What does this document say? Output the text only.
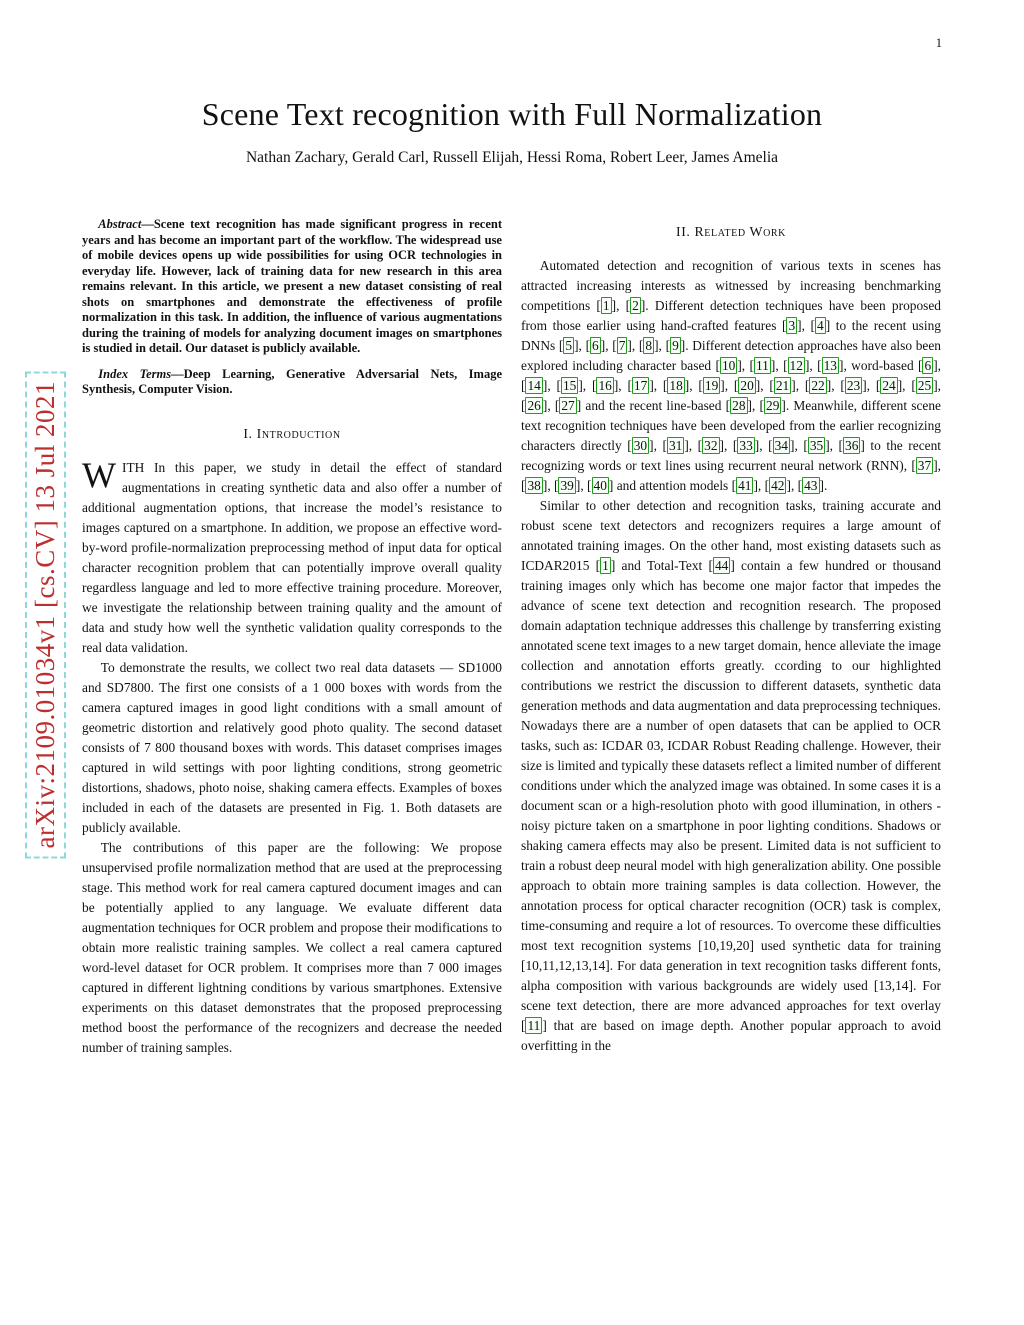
1
arXiv:2109.01034v1 [cs.CV] 13 Jul 2021
Scene Text recognition with Full Normalization
Nathan Zachary, Gerald Carl, Russell Elijah, Hessi Roma, Robert Leer, James Amelia

Abstract—Scene text recognition has made significant progress in recent years and has become an important part of the workflow. The widespread use of mobile devices opens up wide possibilities for using OCR technologies in everyday life. However, lack of training data for new research in this area remains relevant. In this article, we present a new dataset consisting of real shots on smartphones and demonstrate the effectiveness of profile normalization in this task. In addition, the influence of various augmentations during the training of models for analyzing document images on smartphones is studied in detail. Our dataset is publicly available.

Index Terms—Deep Learning, Generative Adversarial Nets, Image Synthesis, Computer Vision.

I. Introduction

WITH In this paper, we study in detail the effect of standard augmentations in creating synthetic data and also offer a number of additional augmentation options, that increase the model’s resistance to images captured on a smartphone. In addition, we propose an effective word-by-word profile-normalization preprocessing method of input data for optical character recognition problem that can potentially improve overall quality regardless language and led to more effective training procedure. Moreover, we investigate the relationship between training quality and the amount of data and study how well the synthetic validation quality corresponds to the real data validation.

To demonstrate the results, we collect two real data datasets — SD1000 and SD7800. The first one consists of a 1 000 boxes with words from the camera captured images in good light conditions with a small amount of geometric distortion and relatively good photo quality. The second dataset consists of 7 800 thousand boxes with words. This dataset comprises images captured in wild settings with poor lighting conditions, strong geometric distortions, shadows, photo noise, shaking camera effects. Examples of boxes included in each of the datasets are presented in Fig. 1. Both datasets are publicly available.

The contributions of this paper are the following: We propose unsupervised profile normalization method that are used at the preprocessing stage. This method work for real camera captured document images and can be potentially applied to any language. We evaluate different data augmentation techniques for OCR problem and propose their modifications to obtain more realistic training samples. We collect a real camera captured word-level dataset for OCR problem. It comprises more than 7 000 images captured in different lightning conditions by various smartphones. Extensive experiments on this dataset demonstrates that the proposed preprocessing method boost the performance of the recognizers and decrease the needed number of training samples.

II. Related Work

Automated detection and recognition of various texts in scenes has attracted increasing interests as witnessed by increasing benchmarking competitions [ 1 ], [ 2 ]. Different detection techniques have been proposed from those earlier using hand-crafted features [ 3 ], [ 4 ] to the recent using DNNs [ 5 ], [ 6 ], [ 7 ], [ 8 ], [ 9 ]. Different detection approaches have also been explored including character based [ 10 ], [ 11 ], [ 12 ], [ 13 ], word-based [ 6 ], [ 14 ], [ 15 ], [ 16 ], [ 17 ], [ 18 ], [ 19 ], [ 20 ], [ 21 ], [ 22 ], [ 23 ], [ 24 ], [ 25 ], [ 26 ], [ 27 ] and the recent line-based [ 28 ], [ 29 ]. Meanwhile, different scene text recognition techniques have been developed from the earlier recognizing characters directly [ 30 ], [ 31 ], [ 32 ], [ 33 ], [ 34 ], [ 35 ], [ 36 ] to the recent recognizing words or text lines using recurrent neural network (RNN), [ 37 ], [ 38 ], [ 39 ], [ 40 ] and attention models [ 41 ], [ 42 ], [ 43 ].

Similar to other detection and recognition tasks, training accurate and robust scene text detectors and recognizers requires a large amount of annotated training images. On the other hand, most existing datasets such as ICDAR2015 [ 1 ] and Total-Text [ 44 ] contain a few hundred or thousand training images only which has become one major factor that impedes the advance of scene text detection and recognition research. The proposed domain adaptation technique addresses this challenge by transferring existing annotated scene text images to a new target domain, hence alleviate the image collection and annotation efforts greatly. ccording to our highlighted contributions we restrict the discussion to different datasets, synthetic data generation methods and data augmentation and data preprocessing techniques. Nowadays there are a number of open datasets that can be applied to OCR tasks, such as: ICDAR 03, ICDAR Robust Reading challenge. However, their size is limited and typically these datasets reflect a limited number of different conditions under which the analyzed image was obtained. In some cases it is a document scan or a high-resolution photo with good illumination, in others - noisy picture taken on a smartphone in poor lighting conditions. Shadows or shaking camera effects may also be present. Limited data is not sufficient to train a robust deep neural model with high generalization ability. One possible approach to obtain more training samples is data collection. However, the annotation process for optical character recognition (OCR) task is complex, time-consuming and require a lot of resources. To overcome these difficulties most text recognition systems [10,19,20] used synthetic data for training [10,11,12,13,14]. For data generation in text recognition tasks different fonts, alpha composition with various backgrounds are widely used [13,14]. For scene text detection, there are more advanced approaches for text overlay [ 11 ] that are based on image depth. Another popular approach to avoid overfitting in the
